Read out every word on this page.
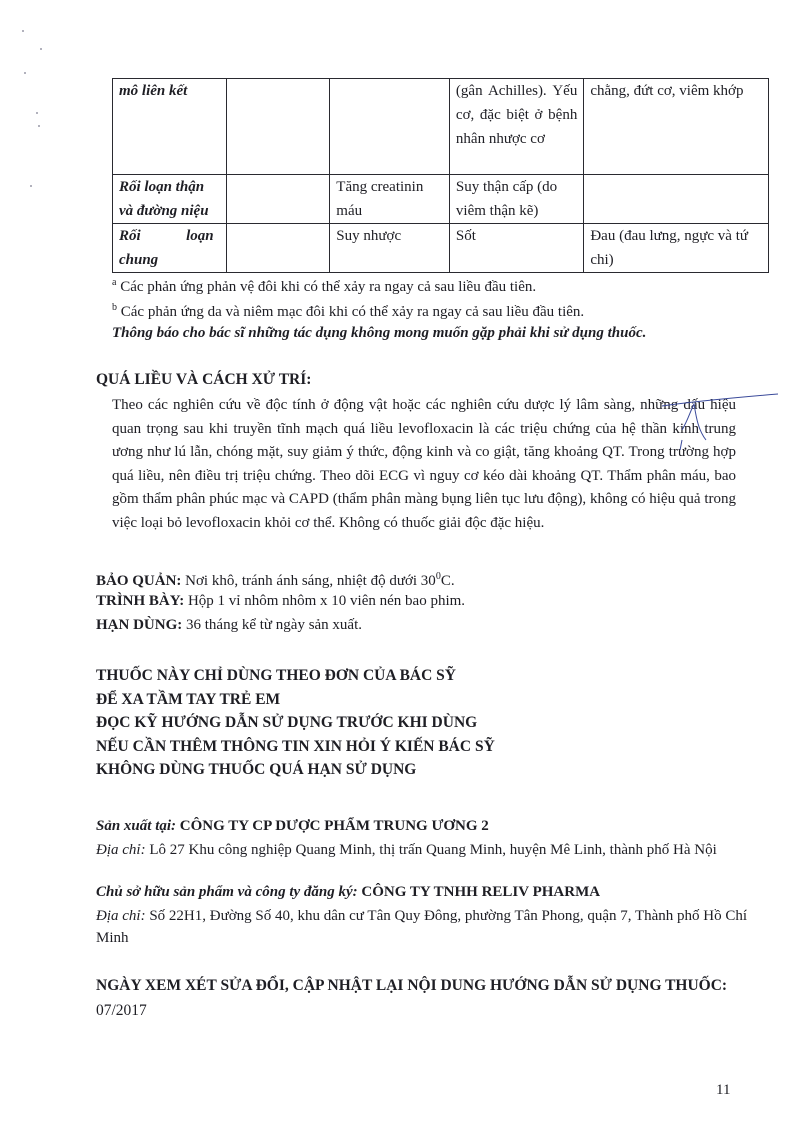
mô liên kết			(gân Achilles). Yếu cơ, đặc biệt ở bệnh nhân nhược cơ	chằng, đứt cơ, viêm khớp
Rối loạn thận và đường niệu		Tăng creatinin máu	Suy thận cấp (do viêm thận kẽ)	
Rối loạn chung		Suy nhược	Sốt	Đau (đau lưng, ngực và tứ chi)
$^a$ Các phản ứng phản vệ đôi khi có thể xảy ra ngay cả sau liều đầu tiên.
$^b$ Các phản ứng da và niêm mạc đôi khi có thể xảy ra ngay cả sau liều đầu tiên.
Thông báo cho bác sĩ những tác dụng không mong muốn gặp phải khi sử dụng thuốc.
QUÁ LIỀU VÀ CÁCH XỬ TRÍ:
Theo các nghiên cứu về độc tính ở động vật hoặc các nghiên cứu dược lý lâm sàng, những dấu hiệu quan trọng sau khi truyền tĩnh mạch quá liều levofloxacin là các triệu chứng của hệ thần kinh trung ương như lú lẫn, chóng mặt, suy giảm ý thức, động kinh và co giật, tăng khoảng QT. Trong trường hợp quá liều, nên điều trị triệu chứng. Theo dõi ECG vì nguy cơ kéo dài khoảng QT. Thẩm phân máu, bao gồm thẩm phân phúc mạc và CAPD (thẩm phân màng bụng liên tục lưu động), không có hiệu quả trong việc loại bỏ levofloxacin khỏi cơ thể. Không có thuốc giải độc đặc hiệu.
BẢO QUẢN: Nơi khô, tránh ánh sáng, nhiệt độ dưới $30^0C$.
TRÌNH BÀY: Hộp 1 vỉ nhôm nhôm x 10 viên nén bao phim.
HẠN DÙNG: 36 tháng kể từ ngày sản xuất.
THUỐC NÀY CHỈ DÙNG THEO ĐƠN CỦA BÁC SỸ
ĐỂ XA TẦM TAY TRẺ EM
ĐỌC KỸ HƯỚNG DẪN SỬ DỤNG TRƯỚC KHI DÙNG
NẾU CẦN THÊM THÔNG TIN XIN HỎI Ý KIẾN BÁC SỸ
KHÔNG DÙNG THUỐC QUÁ HẠN SỬ DỤNG
Sản xuất tại: CÔNG TY CP DƯỢC PHẨM TRUNG ƯƠNG 2
Địa chỉ: Lô 27 Khu công nghiệp Quang Minh, thị trấn Quang Minh, huyện Mê Linh, thành phố Hà Nội
Chủ sở hữu sản phẩm và công ty đăng ký: CÔNG TY TNHH RELIV PHARMA
Địa chỉ: Số 22H1, Đường Số 40, khu dân cư Tân Quy Đông, phường Tân Phong, quận 7, Thành phố Hồ Chí Minh
NGÀY XEM XÉT SỬA ĐỔI, CẬP NHẬT LẠI NỘI DUNG HƯỚNG DẪN SỬ DỤNG THUỐC: 07/2017
11
